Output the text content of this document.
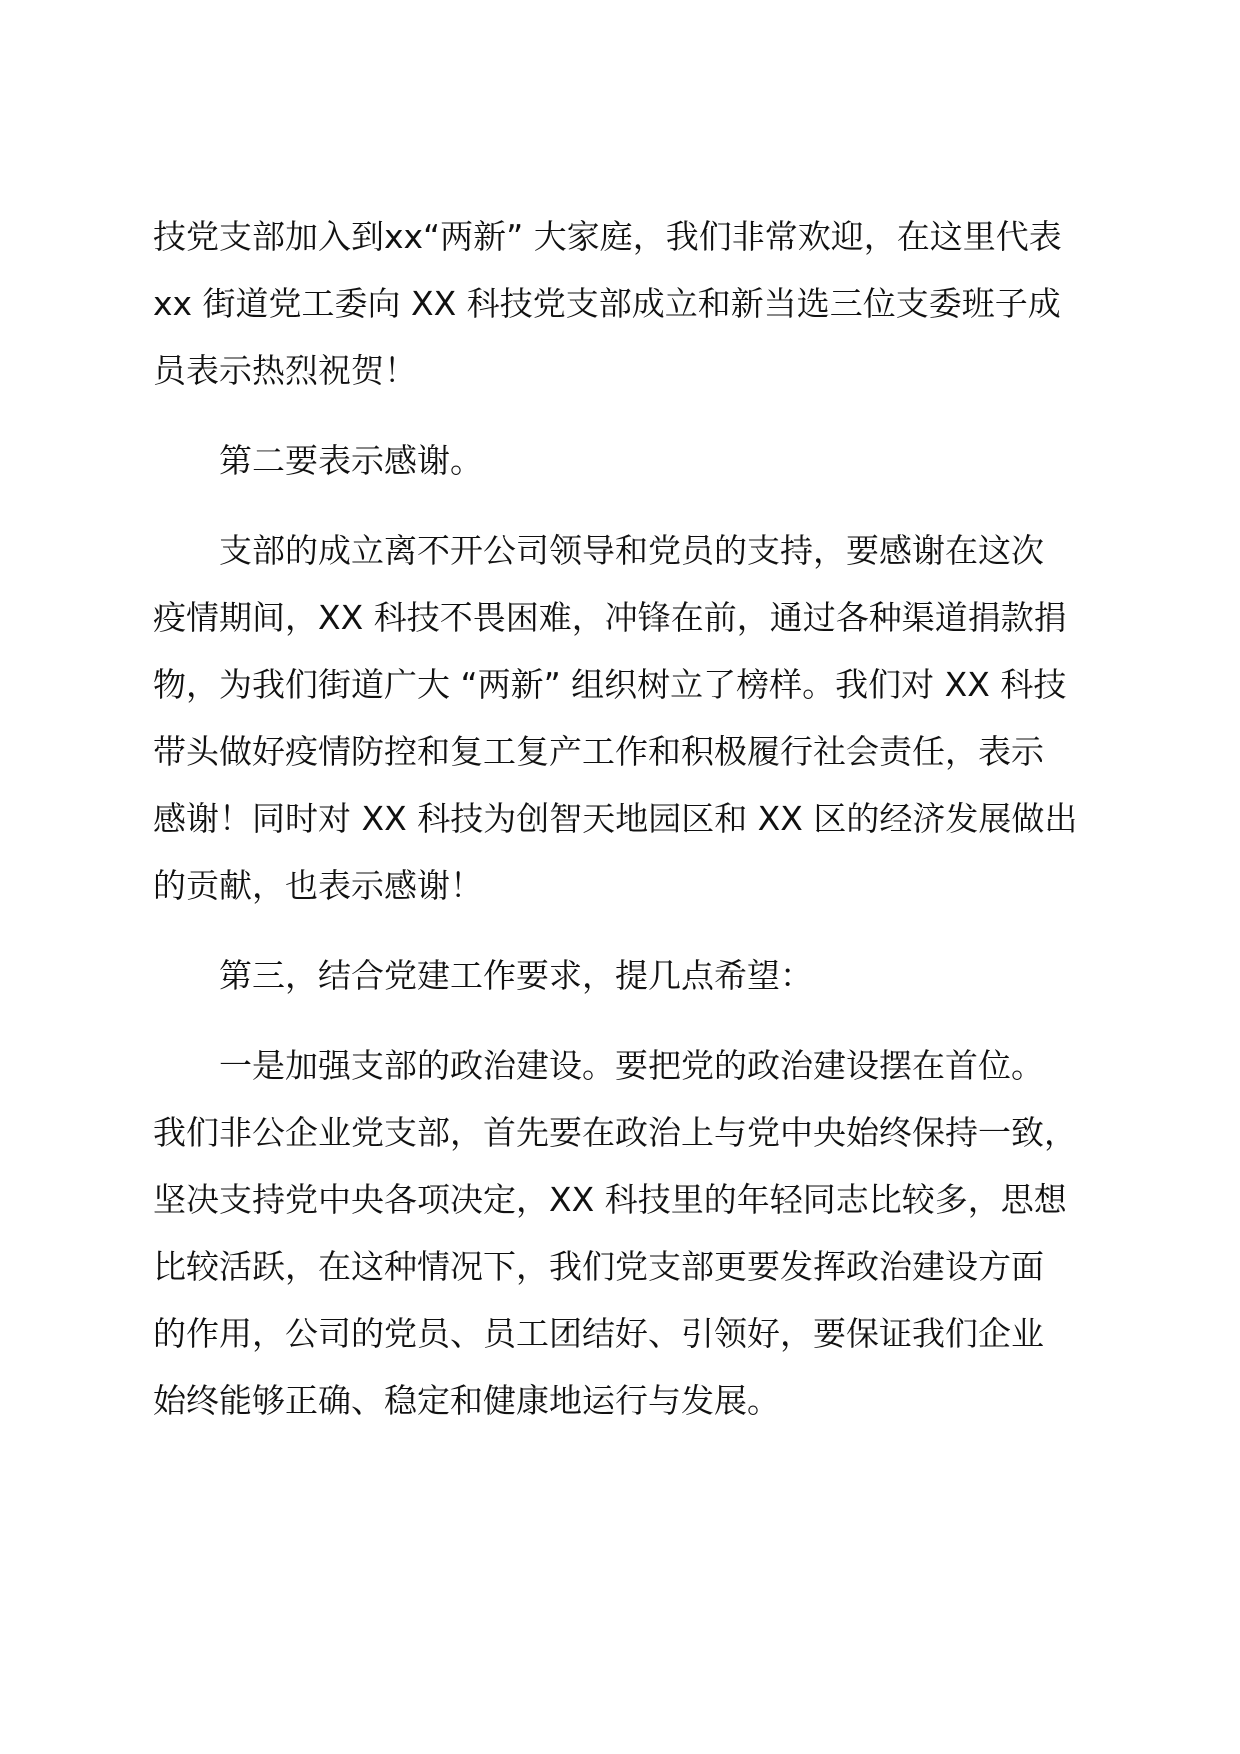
技党支部加入到xx“两新” 大家庭，我们非常欢迎，在这里代表
xx 街道党工委向 XX 科技党支部成立和新当选三位支委班子成
员表示热烈祝贺！

第二要表示感谢。

支部的成立离不开公司领导和党员的支持，要感谢在这次
疫情期间，XX 科技不畏困难，冲锋在前，通过各种渠道捐款捐
物，为我们街道广大 “两新” 组织树立了榜样。我们对 XX 科技
带头做好疫情防控和复工复产工作和积极履行社会责任，表示
感谢！同时对 XX 科技为创智天地园区和 XX 区的经济发展做出
的贡献，也表示感谢！

第三，结合党建工作要求，提几点希望：

一是加强支部的政治建设。要把党的政治建设摆在首位。
我们非公企业党支部，首先要在政治上与党中央始终保持一致，
坚决支持党中央各项决定，XX 科技里的年轻同志比较多，思想
比较活跃，在这种情况下，我们党支部更要发挥政治建设方面
的作用，公司的党员、员工团结好、引领好，要保证我们企业
始终能够正确、稳定和健康地运行与发展。
